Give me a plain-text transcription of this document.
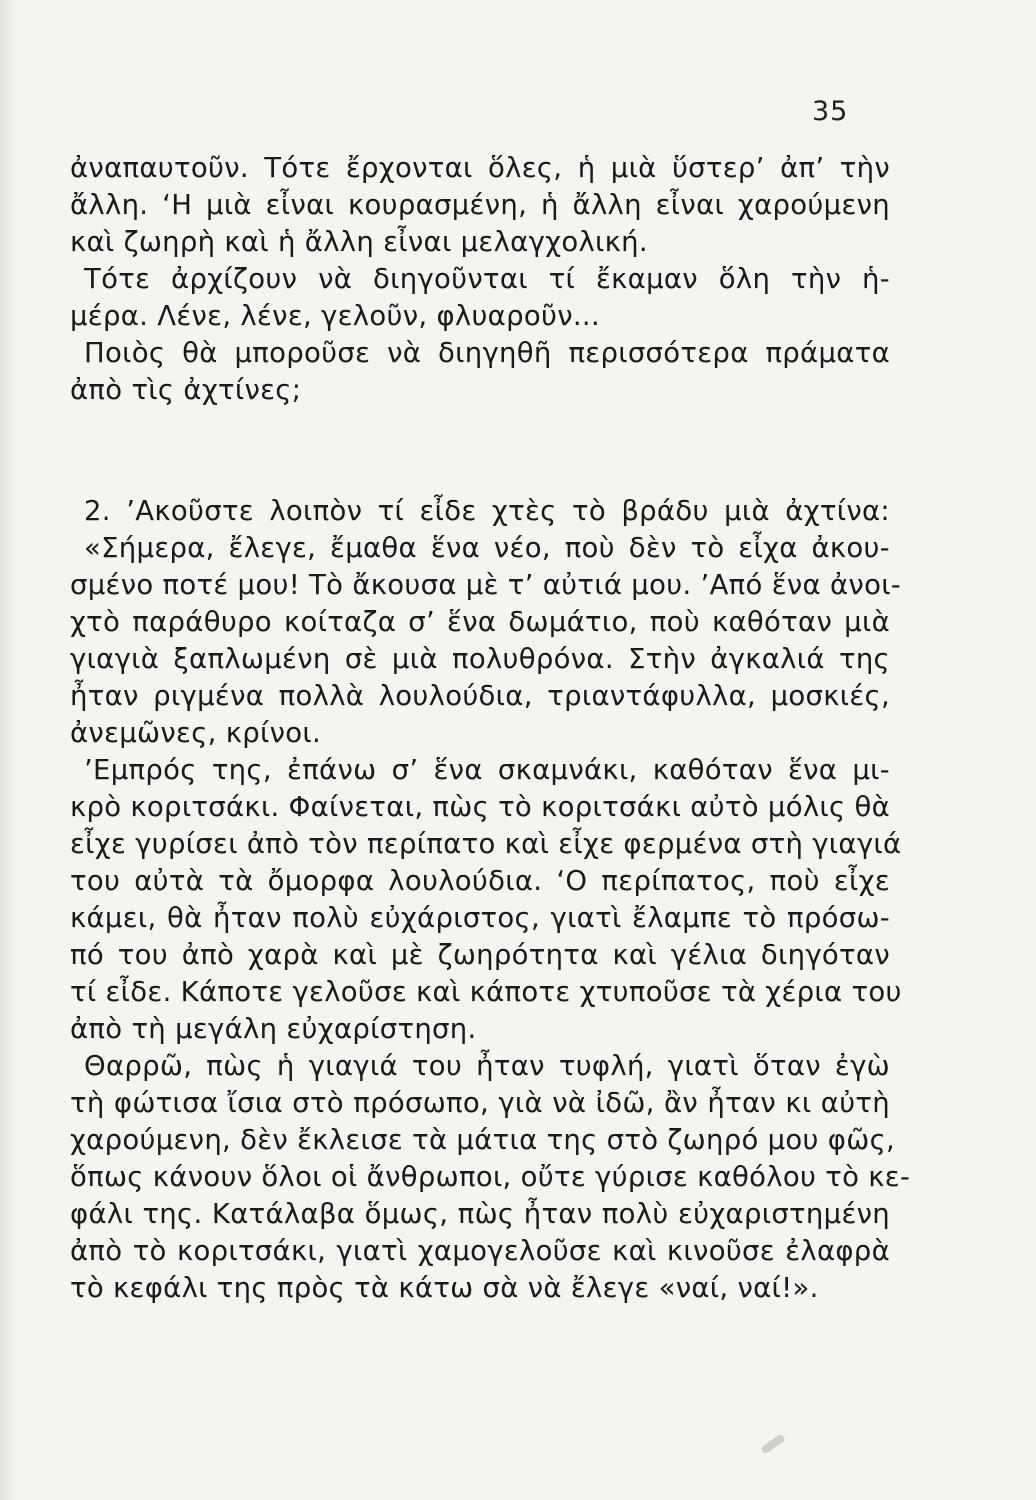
35
ἀναπαυτοῦν. Τότε ἔρχονται ὅλες, ἡ μιὰ ὕστερ’ ἀπ’ τὴν
ἄλλη. ‘Η μιὰ εἶναι κουρασμένη, ἡ ἄλλη εἶναι χαρούμενη
καὶ ζωηρὴ καὶ ἡ ἄλλη εἶναι μελαγχολική.
Τότε ἀρχίζουν νὰ διηγοῦνται τί ἔκαμαν ὅλη τὴν ἡ-
μέρα. Λένε, λένε, γελοῦν, φλυαροῦν...
Ποιὸς θὰ μποροῦσε νὰ διηγηθῆ περισσότερα πράματα
ἀπὸ τὶς ἀχτίνες;
2. ’Ακοῦστε λοιπὸν τί εἶδε χτὲς τὸ βράδυ μιὰ ἀχτίνα:
«Σήμερα, ἔλεγε, ἔμαθα ἕνα νέο, ποὺ δὲν τὸ εἶχα ἀκου-
σμένο ποτέ μου! Τὸ ἄκουσα μὲ τ’ αὐτιά μου. ’Από ἕνα ἀνοι-
χτὸ παράθυρο κοίταζα σ’ ἕνα δωμάτιο, ποὺ καθόταν μιὰ
γιαγιὰ ξαπλωμένη σὲ μιὰ πολυθρόνα. Στὴν ἀγκαλιά της
ἦταν ριγμένα πολλὰ λουλούδια, τριαντάφυλλα, μοσκιές,
ἀνεμῶνες, κρίνοι.
’Εμπρός της, ἐπάνω σ’ ἕνα σκαμνάκι, καθόταν ἕνα μι-
κρὸ κοριτσάκι. Φαίνεται, πὼς τὸ κοριτσάκι αὐτὸ μόλις θὰ
εἶχε γυρίσει ἀπὸ τὸν περίπατο καὶ εἶχε φερμένα στὴ γιαγιά
του αὐτὰ τὰ ὄμορφα λουλούδια. ‘Ο περίπατος, ποὺ εἶχε
κάμει, θὰ ἦταν πολὺ εὐχάριστος, γιατὶ ἔλαμπε τὸ πρόσω-
πό του ἀπὸ χαρὰ καὶ μὲ ζωηρότητα καὶ γέλια διηγόταν
τί εἶδε. Κάποτε γελοῦσε καὶ κάποτε χτυποῦσε τὰ χέρια του
ἀπὸ τὴ μεγάλη εὐχαρίστηση.
Θαρρῶ, πὼς ἡ γιαγιά του ἦταν τυφλή, γιατὶ ὅταν ἐγὼ
τὴ φώτισα ἴσια στὸ πρόσωπο, γιὰ νὰ ἰδῶ, ἂν ἦταν κι αὐτὴ
χαρούμενη, δὲν ἔκλεισε τὰ μάτια της στὸ ζωηρό μου φῶς,
ὅπως κάνουν ὅλοι οἱ ἄνθρωποι, οὔτε γύρισε καθόλου τὸ κε-
φάλι της. Κατάλαβα ὅμως, πὼς ἦταν πολὺ εὐχαριστημένη
ἀπὸ τὸ κοριτσάκι, γιατὶ χαμογελοῦσε καὶ κινοῦσε ἐλαφρὰ
τὸ κεφάλι της πρὸς τὰ κάτω σὰ νὰ ἔλεγε «ναί, ναί!».
